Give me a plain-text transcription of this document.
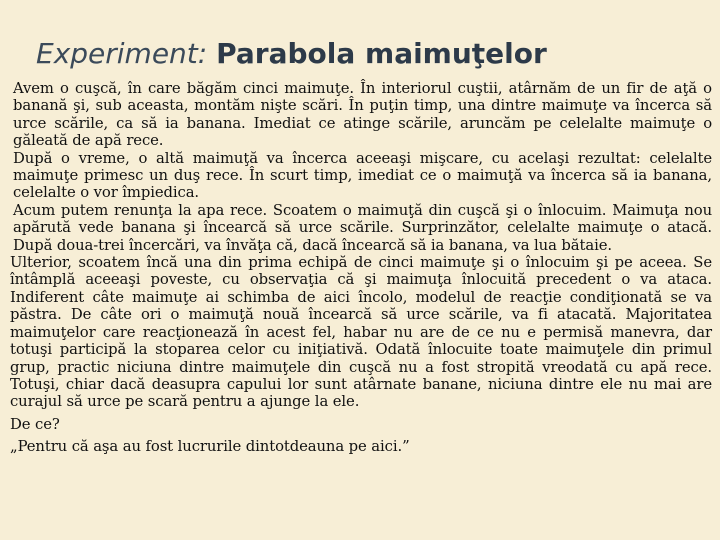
Experiment: Parabola maimuţelor

Avem o cuşcă, în care băgăm cinci maimuţe. În interiorul cuştii, atârnăm de un fir de aţă o banană şi, sub aceasta, montăm nişte scări. În puţin timp, una dintre maimuţe va încerca să urce scările, ca să ia banana. Imediat ce atinge scările, aruncăm pe celelalte maimuţe o găleată de apă rece.

După o vreme, o altă maimuţă va încerca aceeaşi mişcare, cu acelaşi rezultat: celelalte maimuţe primesc un duş rece. În scurt timp, imediat ce o maimuţă va încerca să ia banana, celelalte o vor împiedica.

Acum putem renunţa la apa rece. Scoatem o maimuţă din cuşcă şi o înlocuim. Maimuţa nou apărută vede banana şi încearcă să urce scările. Surprinzător, celelalte maimuţe o atacă. După doua-trei încercări, va învăţa că, dacă încearcă să ia banana, va lua bătaie.

Ulterior, scoatem încă una din prima echipă de cinci maimuţe şi o înlocuim şi pe aceea. Se întâmplă aceeaşi poveste, cu observaţia că şi maimuţa înlocuită precedent o va ataca. Indiferent câte maimuţe ai schimba de aici încolo, modelul de reacţie condiţionată se va păstra. De câte ori o maimuţă nouă încearcă să urce scările, va fi atacată. Majoritatea maimuţelor care reacţionează în acest fel, habar nu are de ce nu e permisă manevra, dar totuşi participă la stoparea celor cu iniţiativă. Odată înlocuite toate maimuţele din primul grup, practic niciuna dintre maimuţele din cuşcă nu a fost stropită vreodată cu apă rece. Totuşi, chiar dacă deasupra capului lor sunt atârnate banane, niciuna dintre ele nu mai are curajul să urce pe scară pentru a ajunge la ele.

De ce?

„Pentru că aşa au fost lucrurile dintotdeauna pe aici.”
